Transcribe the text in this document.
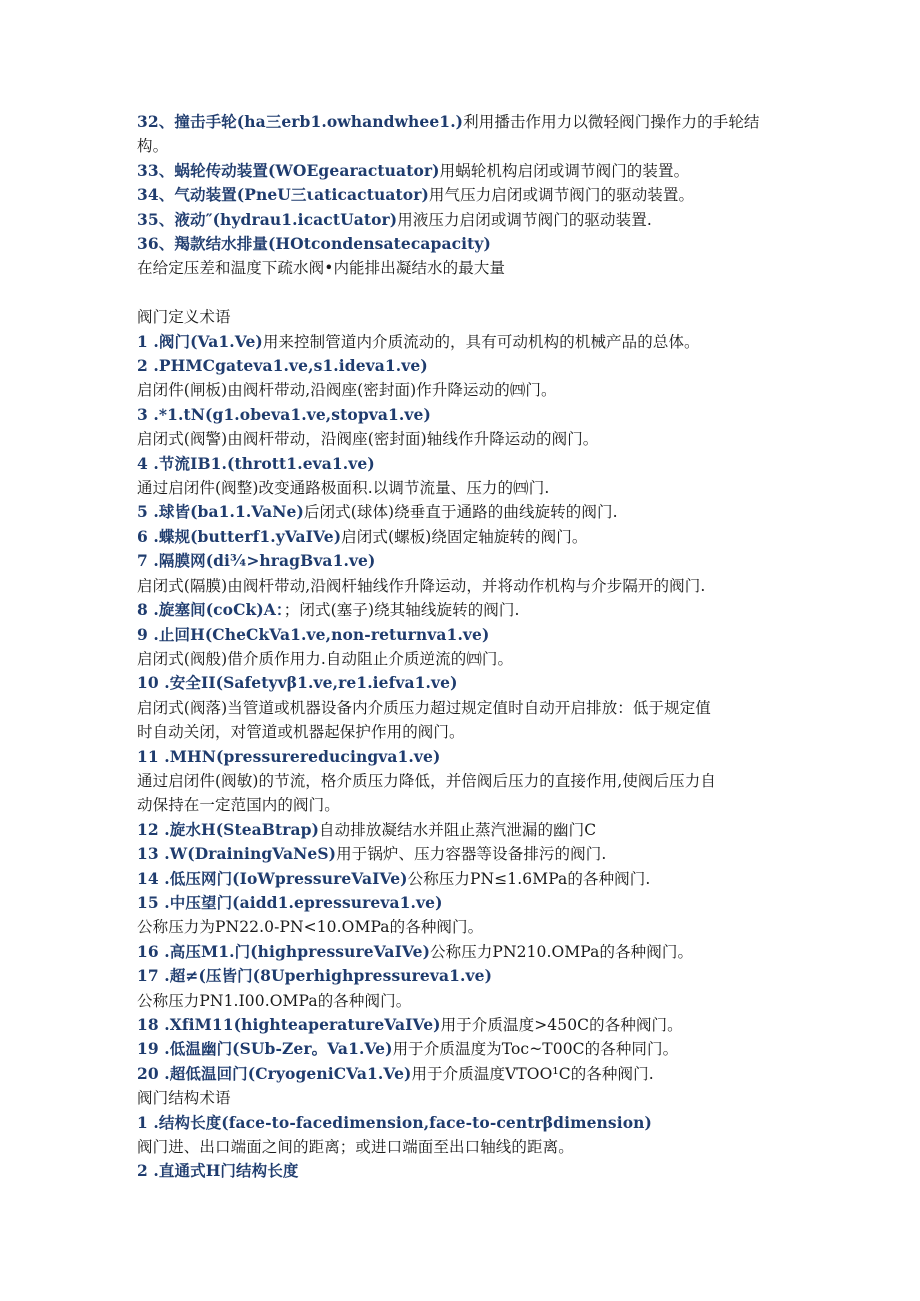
32、撞击手轮(ha三erb1.owhandwhee1.)利用播击作用力以微轻阀门操作力的手轮结
构。
33、蜗轮传动装置(WOEgearactuator)用蜗轮机构启闭或调节阀门的装置。
34、气动装置(PneU三ιaticactuator)用气压力启闭或调节阀门的驱动装置。
35、液动″(hydrau1.icactUator)用液压力启闭或调节阀门的驱动装置.
36、羯款结水排量(HOtcondensatecapacity)
在给定压差和温度下疏水阀•内能排出凝结水的最大量
阀门定义术语
1 .阀门(Va1.Ve)用来控制管道内介质流动的，具有可动机构的机械产品的总体。
2 .PHMCgateva1.ve,s1.ideva1.ve)
启闭件(闸板)由阀杆带动,沿阀座(密封面)作升降运动的㈣门。
3 .*1.tN(g1.obeva1.ve,stopva1.ve)
启闭式(阀警)由阀杆带动，沿阀座(密封面)轴线作升降运动的阀门。
4 .节流IB1.(thrott1.eva1.ve)
通过启闭件(阀整)改变通路极面积.以调节流量、压力的㈣门.
5 .球皆(ba1.1.VaNe)后闭式(球体)绕垂直于通路的曲线旋转的阀门.
6 .蝶规(butterf1.yVaIVe)启闭式(螺板)绕固定轴旋转的阀门。
7 .隔膜网(di¾>hragBva1.ve)
启闭式(隔膜)由阀杆带动,沿阀杆轴线作升降运动，并将动作机构与介步隔开的阀门.
8 .旋塞间(coCk)A：；闭式(塞子)绕其轴线旋转的阀门.
9 .止回H(CheCkVa1.ve,non-returnva1.ve)
启闭式(阀般)借介质作用力.自动阻止介质逆流的㈣门。
10 .安全II(Safetyvβ1.ve,re1.iefva1.ve)
启闭式(阀落)当管道或机器设备内介质压力超过规定值时自动开启排放：低于规定值
时自动关闭，对管道或机器起保护作用的阀门。
11 .MHN(pressurereducingva1.ve)
通过启闭件(阀敏)的节流，格介质压力降低，并倍阀后压力的直接作用,使阀后压力自
动保持在一定范国内的阀门。
12 .旋水H(SteaBtrap)自动排放凝结水并阻止蒸汽泄漏的幽门C
13 .W(DrainingVaNeS)用于锅炉、压力容器等设备排污的阀门.
14 .低压网门(IoWpressureVaIVe)公称压力PN≤1.6MPa的各种阀门.
15 .中压望门(aidd1.epressureva1.ve)
公称压力为PN22.0-PN<10.OMPa的各种阀门。
16 .高压M1.门(highpressureVaIVe)公称压力PN210.OMPa的各种阀门。
17 .超≠(压皆门(8Uperhighpressureva1.ve)
公称压力PN1.I00.OMPa的各种阀门。
18 .XfiM11(highteaperatureVaIVe)用于介质温度>450C的各种阀门。
19 .低温幽门(SUb-Zer。Va1.Ve)用于介质温度为Toc~T00C的各种同门。
20 .超低温回门(CryogeniCVa1.Ve)用于介质温度VTOO¹C的各种阀门.
阀门结构术语
1 .结构长度(face-to-facedimension,face-to-centrβdimension)
阀门进、出口端面之间的距离；或进口端面至出口轴线的距离。
2 .直通式H门结构长度
